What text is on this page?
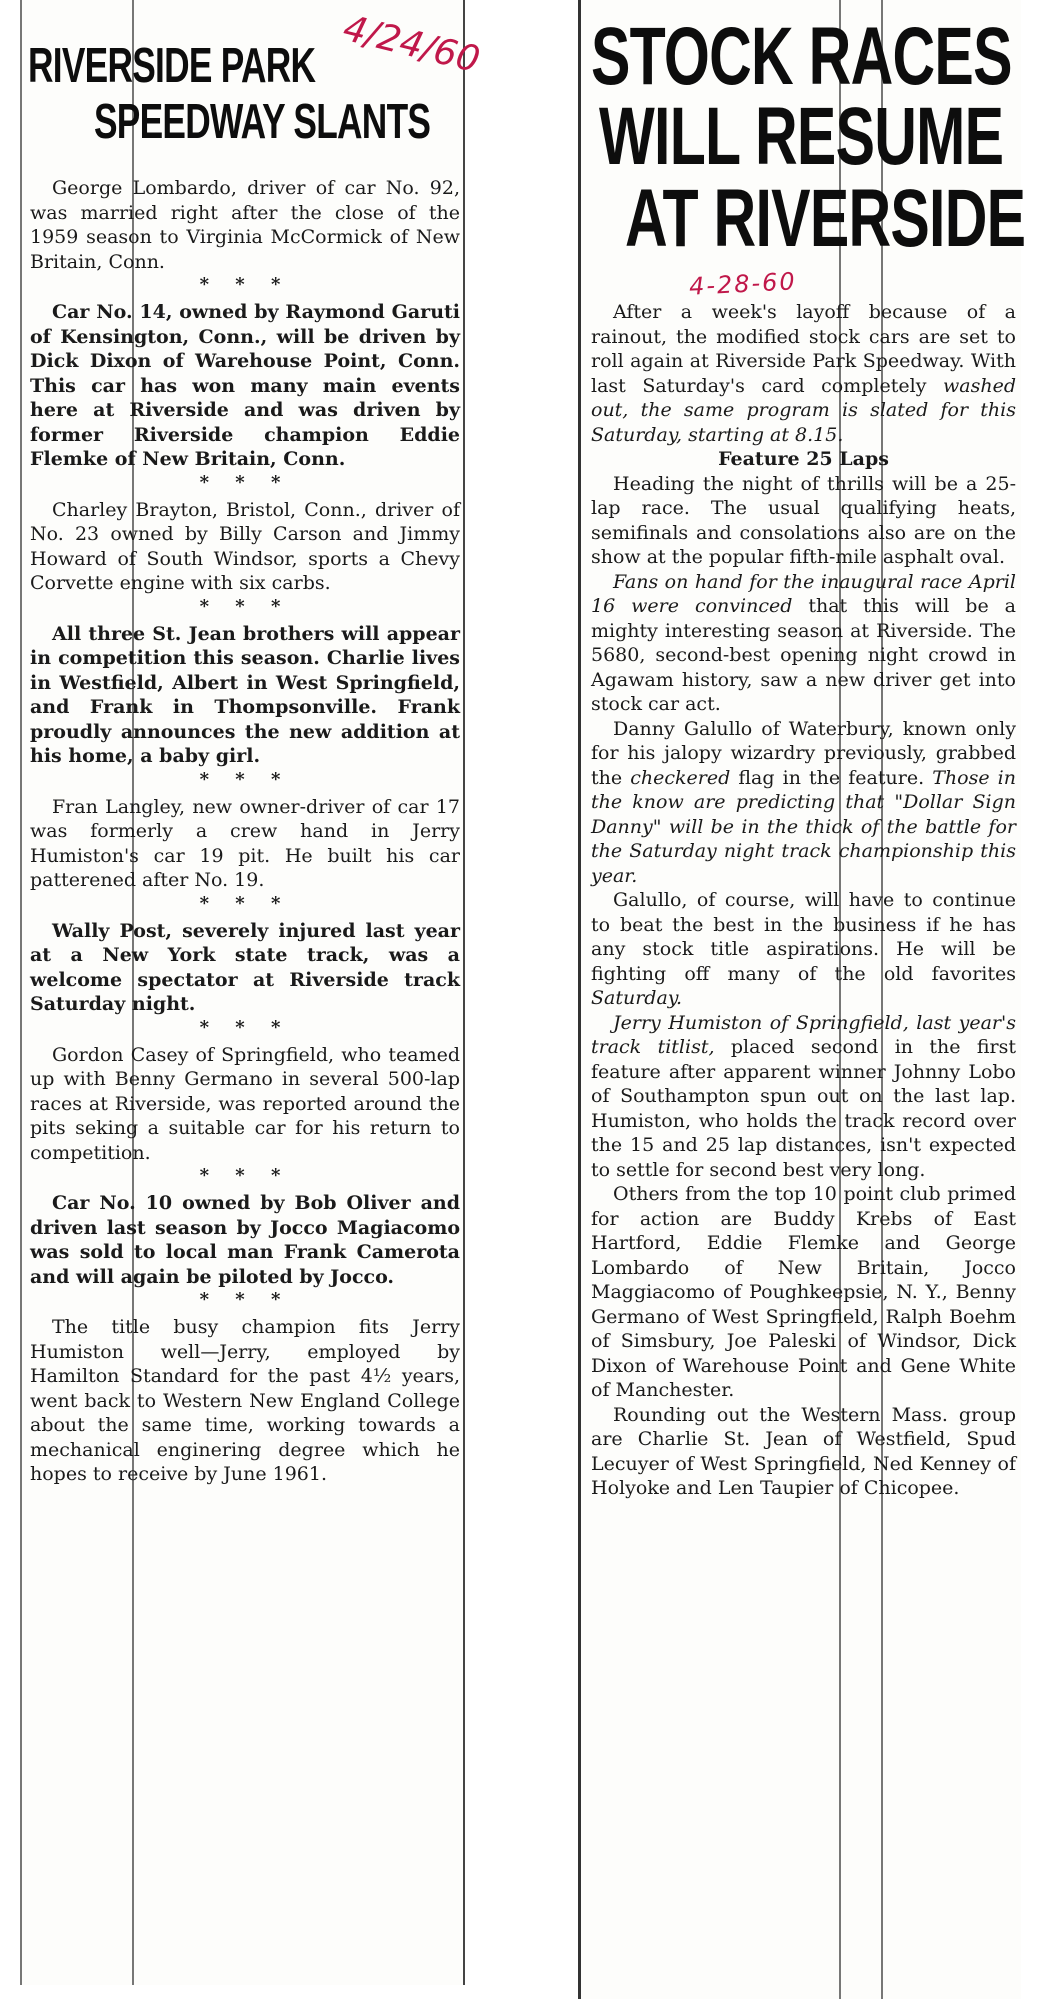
RIVERSIDE PARK
SPEEDWAY SLANTS
4/24/60

George Lombardo, driver of car No. 92, was married right after the close of the 1959 season to Virginia McCormick of New Britain, Conn.

* * *

Car No. 14, owned by Raymond Garuti of Kensington, Conn., will be driven by Dick Dixon of Warehouse Point, Conn. This car has won many main events here at Riverside and was driven by former Riverside champion Eddie Flemke of New Britain, Conn.

* * *

Charley Brayton, Bristol, Conn., driver of No. 23 owned by Billy Carson and Jimmy Howard of South Windsor, sports a Chevy Corvette engine with six carbs.

* * *

All three St. Jean brothers will appear in competition this season. Charlie lives in Westfield, Albert in West Springfield, and Frank in Thompsonville. Frank proudly announces the new addition at his home, a baby girl.

* * *

Fran Langley, new owner-driver of car 17 was formerly a crew hand in Jerry Humiston's car 19 pit. He built his car patterened after No. 19.

* * *

Wally Post, severely injured last year at a New York state track, was a welcome spectator at Riverside track Saturday night.

* * *

Gordon Casey of Springfield, who teamed up with Benny Germano in several 500-lap races at Riverside, was reported around the pits seking a suitable car for his return to competition.

* * *

Car No. 10 owned by Bob Oliver and driven last season by Jocco Magiacomo was sold to local man Frank Camerota and will again be piloted by Jocco.

* * *

The title busy champion fits Jerry Humiston well—Jerry, employed by Hamilton Standard for the past 4½ years, went back to Western New England College about the same time, working towards a mechanical enginering degree which he hopes to receive by June 1961.

STOCK RACES
WILL RESUME
AT RIVERSIDE
4-28-60

After a week's layoff because of a rainout, the modified stock cars are set to roll again at Riverside Park Speedway. With last Saturday's card completely washed out, the same program is slated for this Saturday, starting at 8.15.

Feature 25 Laps

Heading the night of thrills will be a 25-lap race. The usual qualifying heats, semifinals and consolations also are on the show at the popular fifth-mile asphalt oval.

Fans on hand for the inaugural race April 16 were convinced that this will be a mighty interesting season at Riverside. The 5680, second-best opening night crowd in Agawam history, saw a new driver get into stock car act.

Danny Galullo of Waterbury, known only for his jalopy wizardry previously, grabbed the checkered flag in the feature. Those in the know are predicting that "Dollar Sign Danny" will be in the thick of the battle for the Saturday night track championship this year.

Galullo, of course, will have to continue to beat the best in the business if he has any stock title aspirations. He will be fighting off many of the old favorites Saturday.

Jerry Humiston of Springfield, last year's track titlist, placed second in the first feature after apparent winner Johnny Lobo of Southampton spun out on the last lap. Humiston, who holds the track record over the 15 and 25 lap distances, isn't expected to settle for second best very long.

Others from the top 10 point club primed for action are Buddy Krebs of East Hartford, Eddie Flemke and George Lombardo of New Britain, Jocco Maggiacomo of Poughkeepsie, N. Y., Benny Germano of West Springfield, Ralph Boehm of Simsbury, Joe Paleski of Windsor, Dick Dixon of Warehouse Point and Gene White of Manchester.

Rounding out the Western Mass. group are Charlie St. Jean of Westfield, Spud Lecuyer of West Springfield, Ned Kenney of Holyoke and Len Taupier of Chicopee.
